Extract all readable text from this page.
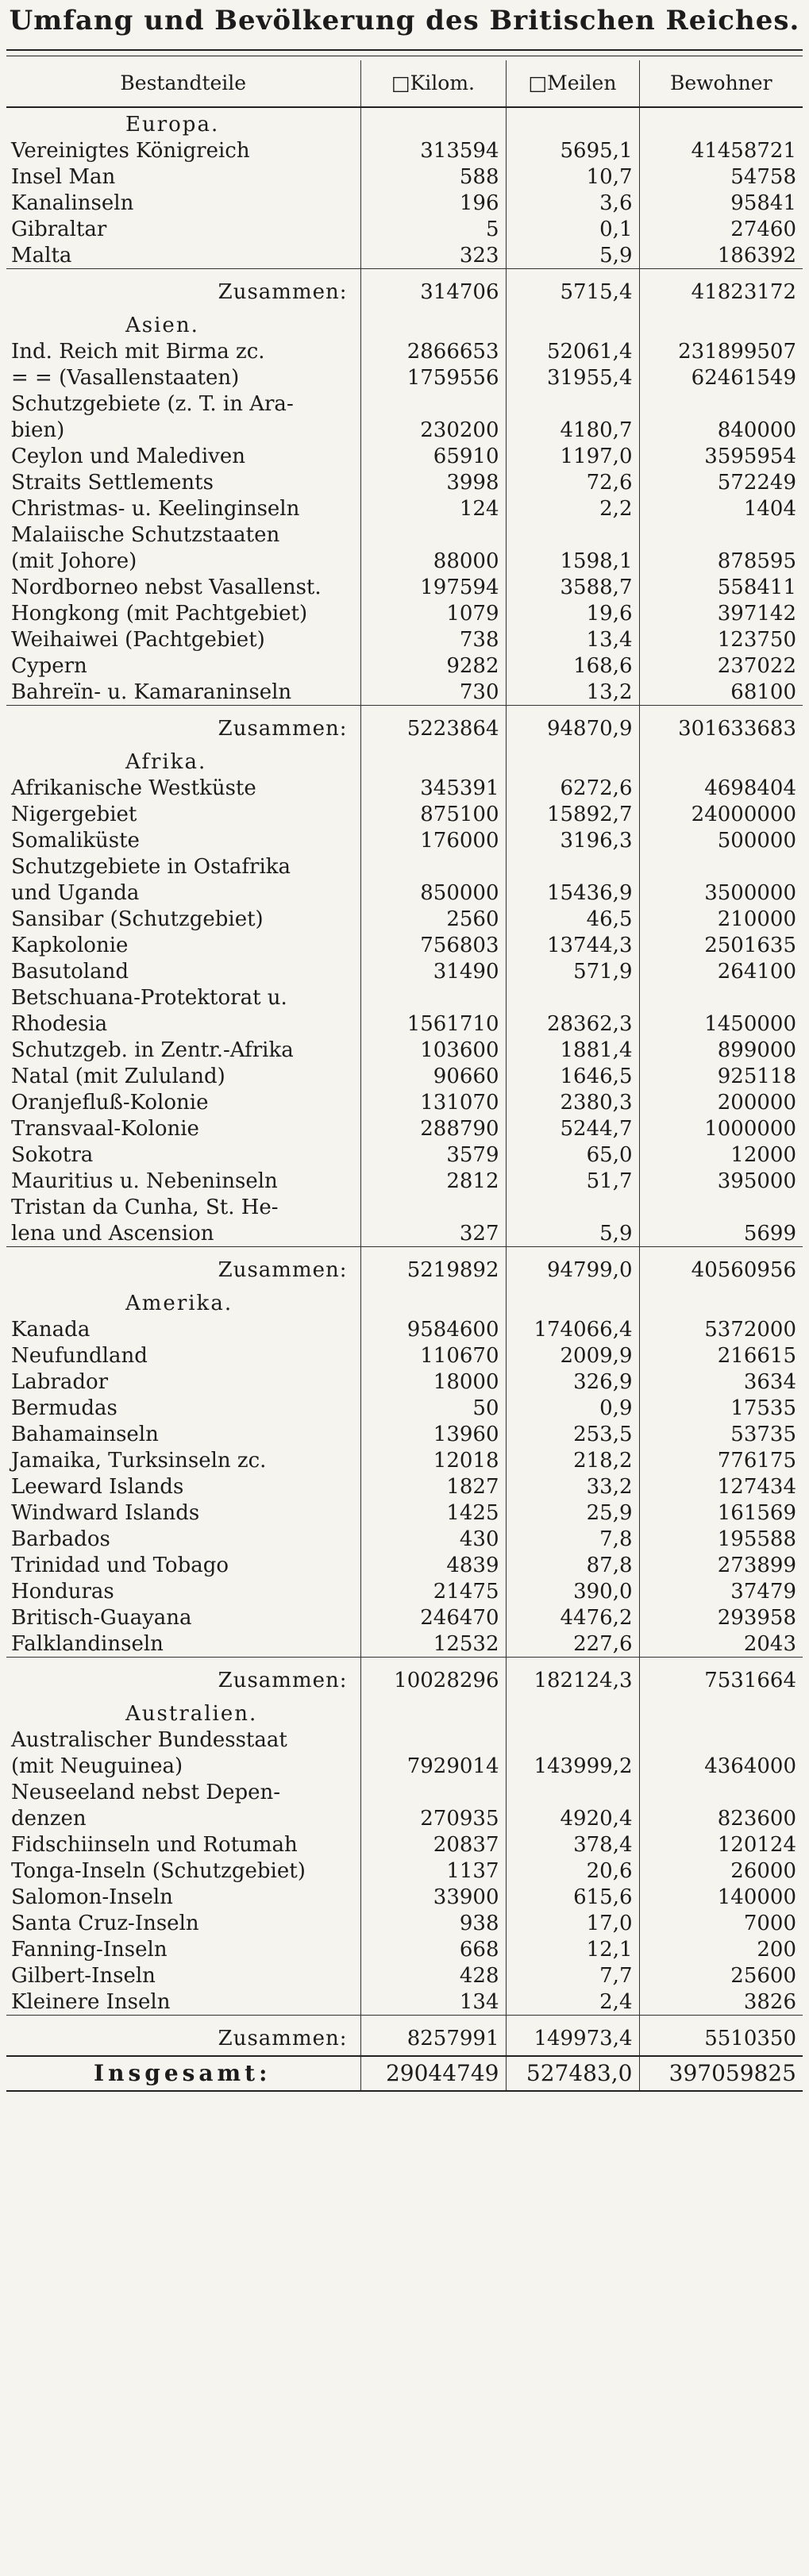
Umfang und Bevölkerung des Britischen Reiches.
Bestandteile	□Kilom.	□Meilen	Bewohner
Europa.			
Vereinigtes Königreich	313594	5695,1	41458721
Insel Man	588	10,7	54758
Kanalinseln	196	3,6	95841
Gibraltar	5	0,1	27460
Malta	323	5,9	186392
Zusammen:	314706	5715,4	41823172
Asien.			
Ind. Reich mit Birma zc.	2866653	52061,4	231899507
= = (Vasallenstaaten)	1759556	31955,4	62461549
Schutzgebiete (z. T. in Ara-			
bien)	230200	4180,7	840000
Ceylon und Malediven	65910	1197,0	3595954
Straits Settlements	3998	72,6	572249
Christmas- u. Keelinginseln	124	2,2	1404
Malaiische Schutzstaaten			
(mit Johore)	88000	1598,1	878595
Nordborneo nebst Vasallenst.	197594	3588,7	558411
Hongkong (mit Pachtgebiet)	1079	19,6	397142
Weihaiwei (Pachtgebiet)	738	13,4	123750
Cypern	9282	168,6	237022
Bahreïn- u. Kamaraninseln	730	13,2	68100
Zusammen:	5223864	94870,9	301633683
Afrika.			
Afrikanische Westküste	345391	6272,6	4698404
Nigergebiet	875100	15892,7	24000000
Somaliküste	176000	3196,3	500000
Schutzgebiete in Ostafrika			
und Uganda	850000	15436,9	3500000
Sansibar (Schutzgebiet)	2560	46,5	210000
Kapkolonie	756803	13744,3	2501635
Basutoland	31490	571,9	264100
Betschuana-Protektorat u.			
Rhodesia	1561710	28362,3	1450000
Schutzgeb. in Zentr.-Afrika	103600	1881,4	899000
Natal (mit Zululand)	90660	1646,5	925118
Oranjefluß-Kolonie	131070	2380,3	200000
Transvaal-Kolonie	288790	5244,7	1000000
Sokotra	3579	65,0	12000
Mauritius u. Nebeninseln	2812	51,7	395000
Tristan da Cunha, St. He-			
lena und Ascension	327	5,9	5699
Zusammen:	5219892	94799,0	40560956
Amerika.			
Kanada	9584600	174066,4	5372000
Neufundland	110670	2009,9	216615
Labrador	18000	326,9	3634
Bermudas	50	0,9	17535
Bahamainseln	13960	253,5	53735
Jamaika, Turksinseln zc.	12018	218,2	776175
Leeward Islands	1827	33,2	127434
Windward Islands	1425	25,9	161569
Barbados	430	7,8	195588
Trinidad und Tobago	4839	87,8	273899
Honduras	21475	390,0	37479
Britisch-Guayana	246470	4476,2	293958
Falklandinseln	12532	227,6	2043
Zusammen:	10028296	182124,3	7531664
Australien.			
Australischer Bundesstaat			
(mit Neuguinea)	7929014	143999,2	4364000
Neuseeland nebst Depen-			
denzen	270935	4920,4	823600
Fidschiinseln und Rotumah	20837	378,4	120124
Tonga-Inseln (Schutzgebiet)	1137	20,6	26000
Salomon-Inseln	33900	615,6	140000
Santa Cruz-Inseln	938	17,0	7000
Fanning-Inseln	668	12,1	200
Gilbert-Inseln	428	7,7	25600
Kleinere Inseln	134	2,4	3826
Zusammen:	8257991	149973,4	5510350
Insgesamt:	29044749	527483,0	397059825
